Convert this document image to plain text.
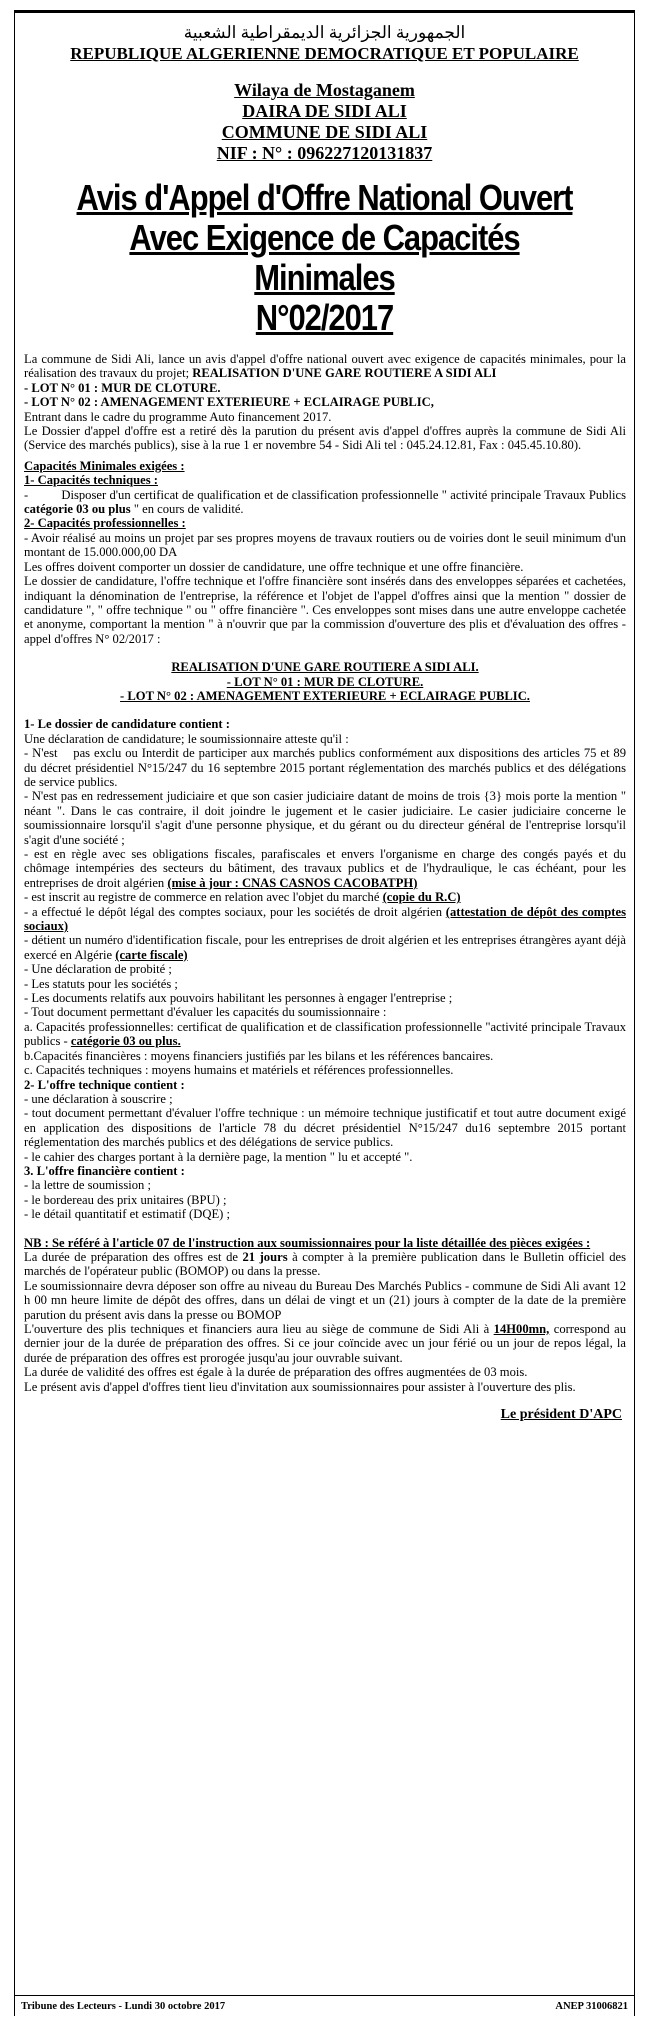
الجمهورية الجزائرية الديمقراطية الشعبية
REPUBLIQUE ALGERIENNE DEMOCRATIQUE ET POPULAIRE
Wilaya de Mostaganem
DAIRA DE SIDI ALI
COMMUNE DE SIDI ALI
NIF : N° : 096227120131837
Avis d'Appel d'Offre National Ouvert
Avec Exigence de Capacités Minimales
N°02/2017

La commune de Sidi Ali, lance un avis d'appel d'offre national ouvert avec exigence de capacités minimales, pour la réalisation des travaux du projet; REALISATION D'UNE GARE ROUTIERE A SIDI ALI

- LOT N° 01 : MUR DE CLOTURE.

- LOT N° 02 : AMENAGEMENT EXTERIEURE + ECLAIRAGE PUBLIC,

Entrant dans le cadre du programme Auto financement 2017.

Le Dossier d'appel d'offre est a retiré dès la parution du présent avis d'appel d'offres auprès la commune de Sidi Ali (Service des marchés publics), sise à la rue 1 er novembre 54 - Sidi Ali tel : 045.24.12.81, Fax : 045.45.10.80).

Capacités Minimales exigées :

1- Capacités techniques :

-          Disposer d'un certificat de qualification et de classification professionnelle " activité principale Travaux Publics catégorie 03 ou plus " en cours de validité.

2- Capacités professionnelles :

- Avoir réalisé au moins un projet par ses propres moyens de travaux routiers ou de voiries dont le seuil minimum d'un montant de 15.000.000,00 DA

Les offres doivent comporter un dossier de candidature, une offre technique et une offre financière.

Le dossier de candidature, l'offre technique et l'offre financière sont insérés dans des enveloppes séparées et cachetées, indiquant la dénomination de l'entreprise, la référence et l'objet de l'appel d'offres ainsi que la mention " dossier de candidature ", " offre technique " ou " offre financière ". Ces enveloppes sont mises dans une autre enveloppe cachetée et anonyme, comportant la mention " à n'ouvrir que par la commission d'ouverture des plis et d'évaluation des offres - appel d'offres N° 02/2017 :

REALISATION D'UNE GARE ROUTIERE A SIDI ALI.
- LOT N° 01 : MUR DE CLOTURE.
- LOT N° 02 : AMENAGEMENT EXTERIEURE + ECLAIRAGE PUBLIC.

1- Le dossier de candidature contient :

Une déclaration de candidature; le soumissionnaire atteste qu'il :

- N'est    pas exclu ou Interdit de participer aux marchés publics conformément aux dispositions des articles 75 et 89  du décret présidentiel N°15/247 du 16 septembre 2015 portant réglementation des marchés publics et des délégations de service publics.

- N'est pas en redressement judiciaire et que son casier judiciaire datant de moins de trois {3} mois porte la mention " néant ". Dans le cas contraire, il doit joindre le jugement et le casier judiciaire. Le casier judiciaire concerne le soumissionnaire lorsqu'il s'agit d'une personne physique, et du gérant ou du directeur général de l'entreprise lorsqu'il s'agit d'une société ;

- est en règle avec ses obligations fiscales, parafiscales et envers l'organisme en charge des congés payés et du chômage intempéries des secteurs du bâtiment, des travaux publics et de l'hydraulique, le cas échéant, pour les entreprises de droit algérien (mise à jour : CNAS CASNOS CACOBATPH)

- est inscrit au registre de commerce en relation avec l'objet du marché (copie du R.C)

- a effectué le dépôt légal des comptes sociaux, pour les sociétés de droit algérien (attestation de dépôt des comptes sociaux)

- détient un numéro d'identification fiscale, pour les entreprises de droit algérien et les entreprises étrangères ayant déjà exercé en Algérie (carte fiscale)

- Une déclaration de probité ;

- Les statuts pour les sociétés ;

- Les documents relatifs aux pouvoirs habilitant les personnes à engager l'entreprise ;

- Tout document permettant d'évaluer les capacités du soumissionnaire :

a. Capacités professionnelles: certificat de qualification et de classification professionnelle "activité principale Travaux publics - catégorie 03 ou plus.

b.Capacités financières : moyens financiers justifiés par les bilans et les références bancaires.

c. Capacités techniques : moyens humains et matériels et références professionnelles.

2- L'offre technique contient :

- une déclaration à souscrire ;

- tout document permettant d'évaluer l'offre technique : un mémoire technique justificatif et tout autre document exigé en application des dispositions de l'article 78 du décret présidentiel N°15/247 du16 septembre 2015 portant réglementation des marchés publics et des délégations de service publics.

- le cahier des charges portant à la dernière page, la mention " lu et accepté ".

3. L'offre financière contient :

- la lettre de soumission ;

- le bordereau des prix unitaires (BPU) ;

- le détail quantitatif et estimatif (DQE) ;

NB : Se référé à l'article 07 de l'instruction aux soumissionnaires pour la liste détaillée des pièces exigées :

La durée de préparation des offres est de 21 jours à compter à la première publication dans le Bulletin officiel des marchés de l'opérateur public (BOMOP) ou dans la presse.

Le soumissionnaire devra déposer son offre au niveau du Bureau Des Marchés Publics - commune de Sidi Ali avant 12 h 00 mn heure limite de dépôt des offres, dans un délai de vingt et un (21) jours à compter de la date de la première parution du présent avis dans la presse ou BOMOP

L'ouverture des plis techniques et financiers aura lieu au siège de commune de Sidi Ali à 14H00mn, correspond au dernier jour de la durée de préparation des offres. Si ce jour coïncide avec un jour férié ou un jour de repos légal, la durée de préparation des offres est prorogée jusqu'au jour ouvrable suivant.

La durée de validité des offres est égale à la durée de préparation des offres augmentées de 03 mois.

Le présent avis d'appel d'offres tient lieu d'invitation aux soumissionnaires pour assister à l'ouverture des plis.

Le président D'APC
Tribune des Lecteurs - Lundi 30 octobre 2017	ANEP 31006821
